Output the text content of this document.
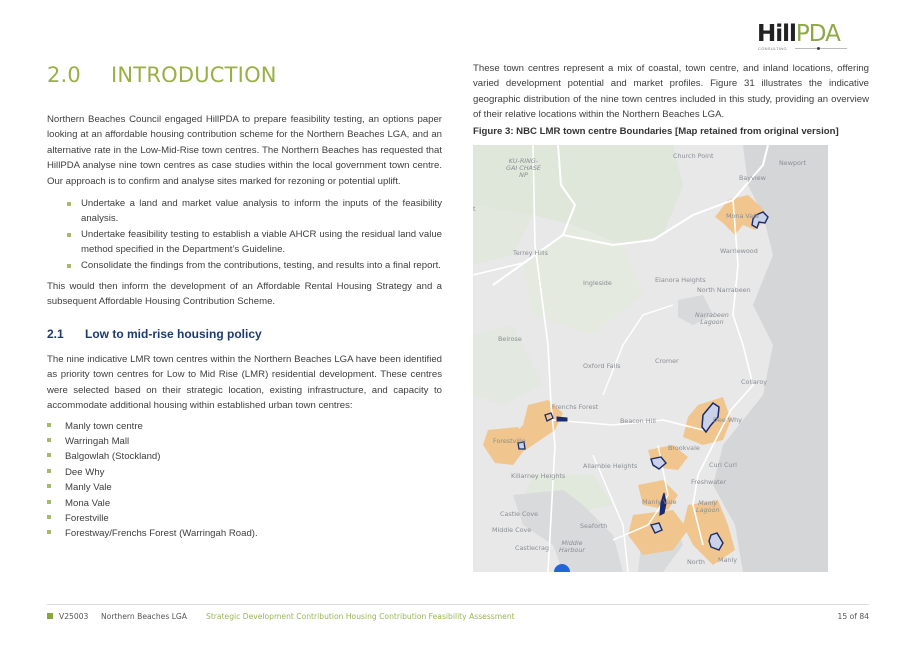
HillPDA
CONSULTING
2.0 INTRODUCTION

Northern Beaches Council engaged HillPDA to prepare feasibility testing, an options paper looking at an affordable housing contribution scheme for the Northern Beaches LGA, and an alternative rate in the Low-Mid-Rise town centres. The Northern Beaches has requested that HillPDA analyse nine town centres as case studies within the local government town centre. Our approach is to confirm and analyse sites marked for rezoning or potential uplift.

Undertake a land and market value analysis to inform the inputs of the feasibility analysis.
Undertake feasibility testing to establish a viable AHCR using the residual land value method specified in the Department’s Guideline.
Consolidate the findings from the contributions, testing, and results into a final report.

This would then inform the development of an Affordable Rental Housing Strategy and a subsequent Affordable Housing Contribution Scheme.

2.1 Low to mid-rise housing policy

The nine indicative LMR town centres within the Northern Beaches LGA have been identified as priority town centres for Low to Mid Rise (LMR) residential development. These centres were selected based on their strategic location, existing infrastructure, and capacity to accommodate additional housing within established urban town centres:

Manly town centre
Warringah Mall
Balgowlah (Stockland)
Dee Why
Manly Vale
Mona Vale
Forestville
Forestway/Frenchs Forest (Warringah Road).

These town centres represent a mix of coastal, town centre, and inland locations, offering varied development potential and market profiles. Figure 31 illustrates the indicative geographic distribution of the nine town centres included in this study, providing an overview of their relative locations within the Northern Beaches LGA.

Figure 3: NBC LMR town centre Boundaries [Map retained from original version]
KU-RING-
GAI CHASE
NP
Church Point
Newport
Bayview
Mona Vale
Warriewood
Terrey Hills
Ingleside	Elanora Heights
North Narrabeen
Narrabeen
Lagoon
Belrose
Oxford Falls
Cromer
Collaroy
Frenchs Forest
Beacon Hill	Dee Why
Forestville
Brookvale
Allambie Heights	Curl Curl
Killarney Heights
Freshwater
Manly Vale	Manly
Lagoon
Castle Cove
Middle Cove	Seaforth
Castlecrag
Middle
Harbour
North Manly
t
V25003 Northern Beaches LGA Strategic Development Contribution Housing Contribution Feasibility Assessment	15 of 84
